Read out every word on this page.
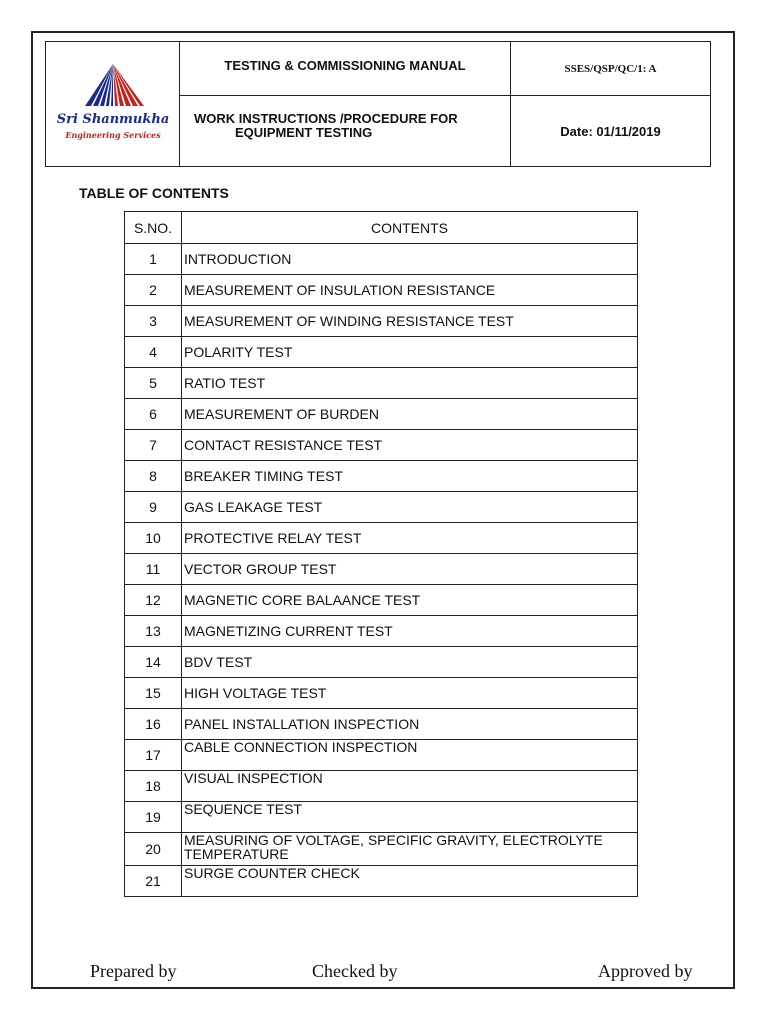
Sri Shanmukha
Engineering Services
TESTING & COMMISSIONING MANUAL	SSES/QSP/QC/1: A
WORK INSTRUCTIONS /PROCEDURE FOR
EQUIPMENT TESTING	Date: 01/11/2019
TABLE OF CONTENTS
S.NO.	CONTENTS
1	INTRODUCTION
2	MEASUREMENT OF INSULATION RESISTANCE
3	MEASUREMENT OF WINDING RESISTANCE TEST
4	POLARITY TEST
5	RATIO TEST
6	MEASUREMENT OF BURDEN
7	CONTACT RESISTANCE TEST
8	BREAKER TIMING TEST
9	GAS LEAKAGE TEST
10	PROTECTIVE RELAY TEST
11	VECTOR GROUP TEST
12	MAGNETIC CORE BALAANCE TEST
13	MAGNETIZING CURRENT TEST
14	BDV TEST
15	HIGH VOLTAGE TEST
16	PANEL INSTALLATION INSPECTION
17	CABLE CONNECTION INSPECTION
18	VISUAL INSPECTION
19	SEQUENCE TEST
20	MEASURING OF VOLTAGE, SPECIFIC GRAVITY, ELECTROLYTE
TEMPERATURE
21	SURGE COUNTER CHECK
Prepared by	Checked by	Approved by
